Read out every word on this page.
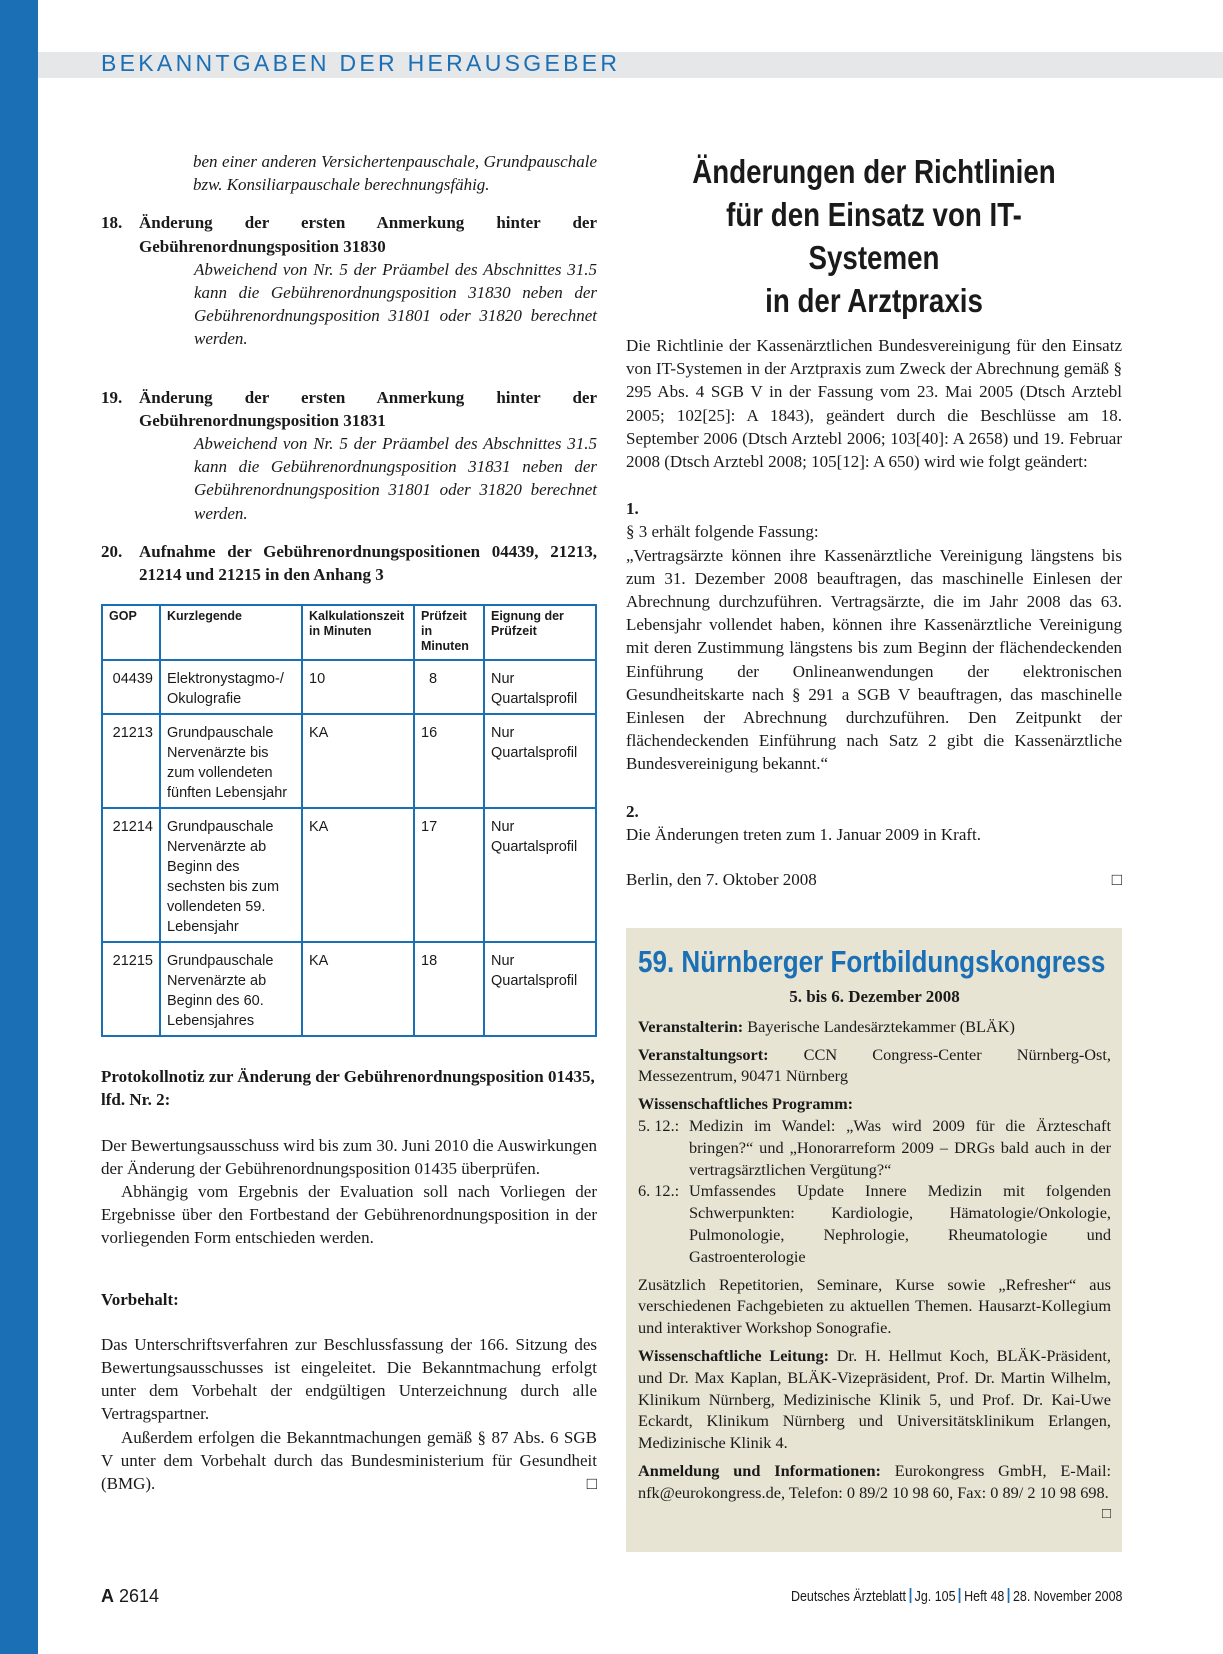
BEKANNTGABEN DER HERAUSGEBER
ben einer anderen Versichertenpauschale, Grundpauschale bzw. Konsiliarpauschale berechnungsfähig.
18. Änderung der ersten Anmerkung hinter der Gebührenordnungsposition 31830
Abweichend von Nr. 5 der Präambel des Abschnittes 31.5 kann die Gebührenordnungsposition 31830 neben der Gebührenordnungsposition 31801 oder 31820 berechnet werden.
19. Änderung der ersten Anmerkung hinter der Gebührenordnungsposition 31831
Abweichend von Nr. 5 der Präambel des Abschnittes 31.5 kann die Gebührenordnungsposition 31831 neben der Gebührenordnungsposition 31801 oder 31820 berechnet werden.
20. Aufnahme der Gebührenordnungspositionen 04439, 21213, 21214 und 21215 in den Anhang 3
GOP	Kurzlegende	Kalkulationszeit in Minuten	Prüfzeit in Minuten	Eignung der Prüfzeit
04439	Elektronystagmo-/ Okulografie	10	8	Nur Quartalsprofil
21213	Grundpauschale Nervenärzte bis zum vollendeten fünften Lebensjahr	KA	16	Nur Quartalsprofil
21214	Grundpauschale Nervenärzte ab Beginn des sechsten bis zum vollendeten 59. Lebensjahr	KA	17	Nur Quartalsprofil
21215	Grundpauschale Nervenärzte ab Beginn des 60. Lebensjahres	KA	18	Nur Quartalsprofil
Protokollnotiz zur Änderung der Gebührenordnungsposition 01435, lfd. Nr. 2:
Der Bewertungsausschuss wird bis zum 30. Juni 2010 die Auswirkungen der Änderung der Gebührenordnungsposition 01435 überprüfen.
Abhängig vom Ergebnis der Evaluation soll nach Vorliegen der Ergebnisse über den Fortbestand der Gebührenordnungsposition in der vorliegenden Form entschieden werden.
Vorbehalt:
Das Unterschriftsverfahren zur Beschlussfassung der 166. Sitzung des Bewertungsausschusses ist eingeleitet. Die Bekanntmachung erfolgt unter dem Vorbehalt der endgültigen Unterzeichnung durch alle Vertragspartner.
Außerdem erfolgen die Bekanntmachungen gemäß § 87 Abs. 6 SGB V unter dem Vorbehalt durch das Bundesministerium für Gesundheit (BMG).	□
Änderungen der Richtlinien
für den Einsatz von IT-Systemen
in der Arztpraxis
Die Richtlinie der Kassenärztlichen Bundesvereinigung für den Einsatz von IT-Systemen in der Arztpraxis zum Zweck der Abrechnung gemäß § 295 Abs. 4 SGB V in der Fassung vom 23. Mai 2005 (Dtsch Arztebl 2005; 102[25]: A 1843), geändert durch die Beschlüsse am 18. September 2006 (Dtsch Arztebl 2006; 103[40]: A 2658) und 19. Februar 2008 (Dtsch Arztebl 2008; 105[12]: A 650) wird wie folgt geändert:
1.
§ 3 erhält folgende Fassung:
„Vertragsärzte können ihre Kassenärztliche Vereinigung längstens bis zum 31. Dezember 2008 beauftragen, das maschinelle Einlesen der Abrechnung durchzuführen. Vertragsärzte, die im Jahr 2008 das 63. Lebensjahr vollendet haben, können ihre Kassenärztliche Vereinigung mit deren Zustimmung längstens bis zum Beginn der flächendeckenden Einführung der Onlineanwendungen der elektronischen Gesundheitskarte nach § 291 a SGB V beauftragen, das maschinelle Einlesen der Abrechnung durchzuführen. Den Zeitpunkt der flächendeckenden Einführung nach Satz 2 gibt die Kassenärztliche Bundesvereinigung bekannt.“
2.
Die Änderungen treten zum 1. Januar 2009 in Kraft.
Berlin, den 7. Oktober 2008	□
59. Nürnberger Fortbildungskongress
5. bis 6. Dezember 2008
Veranstalterin: Bayerische Landesärztekammer (BLÄK)
Veranstaltungsort: CCN Congress-Center Nürnberg-Ost, Messezentrum, 90471 Nürnberg
Wissenschaftliches Programm:
5. 12.: Medizin im Wandel: „Was wird 2009 für die Ärzteschaft bringen?“ und „Honorarreform 2009 – DRGs bald auch in der vertragsärztlichen Vergütung?“
6. 12.: Umfassendes Update Innere Medizin mit folgenden Schwerpunkten: Kardiologie, Hämatologie/Onkologie, Pulmonologie, Nephrologie, Rheumatologie und Gastroenterologie
Zusätzlich Repetitorien, Seminare, Kurse sowie „Refresher“ aus verschiedenen Fachgebieten zu aktuellen Themen. Hausarzt-Kollegium und interaktiver Workshop Sonografie.
Wissenschaftliche Leitung: Dr. H. Hellmut Koch, BLÄK-Präsident, und Dr. Max Kaplan, BLÄK-Vizepräsident, Prof. Dr. Martin Wilhelm, Klinikum Nürnberg, Medizinische Klinik 5, und Prof. Dr. Kai-Uwe Eckardt, Klinikum Nürnberg und Universitätsklinikum Erlangen, Medizinische Klinik 4.
Anmeldung und Informationen: Eurokongress GmbH, E-Mail: nfk@eurokongress.de, Telefon: 0 89/2 10 98 60, Fax: 0 89/ 2 10 98 698.
□
A 2614	Deutsches Ärzteblatt Jg. 105 Heft 48 28. November 2008
